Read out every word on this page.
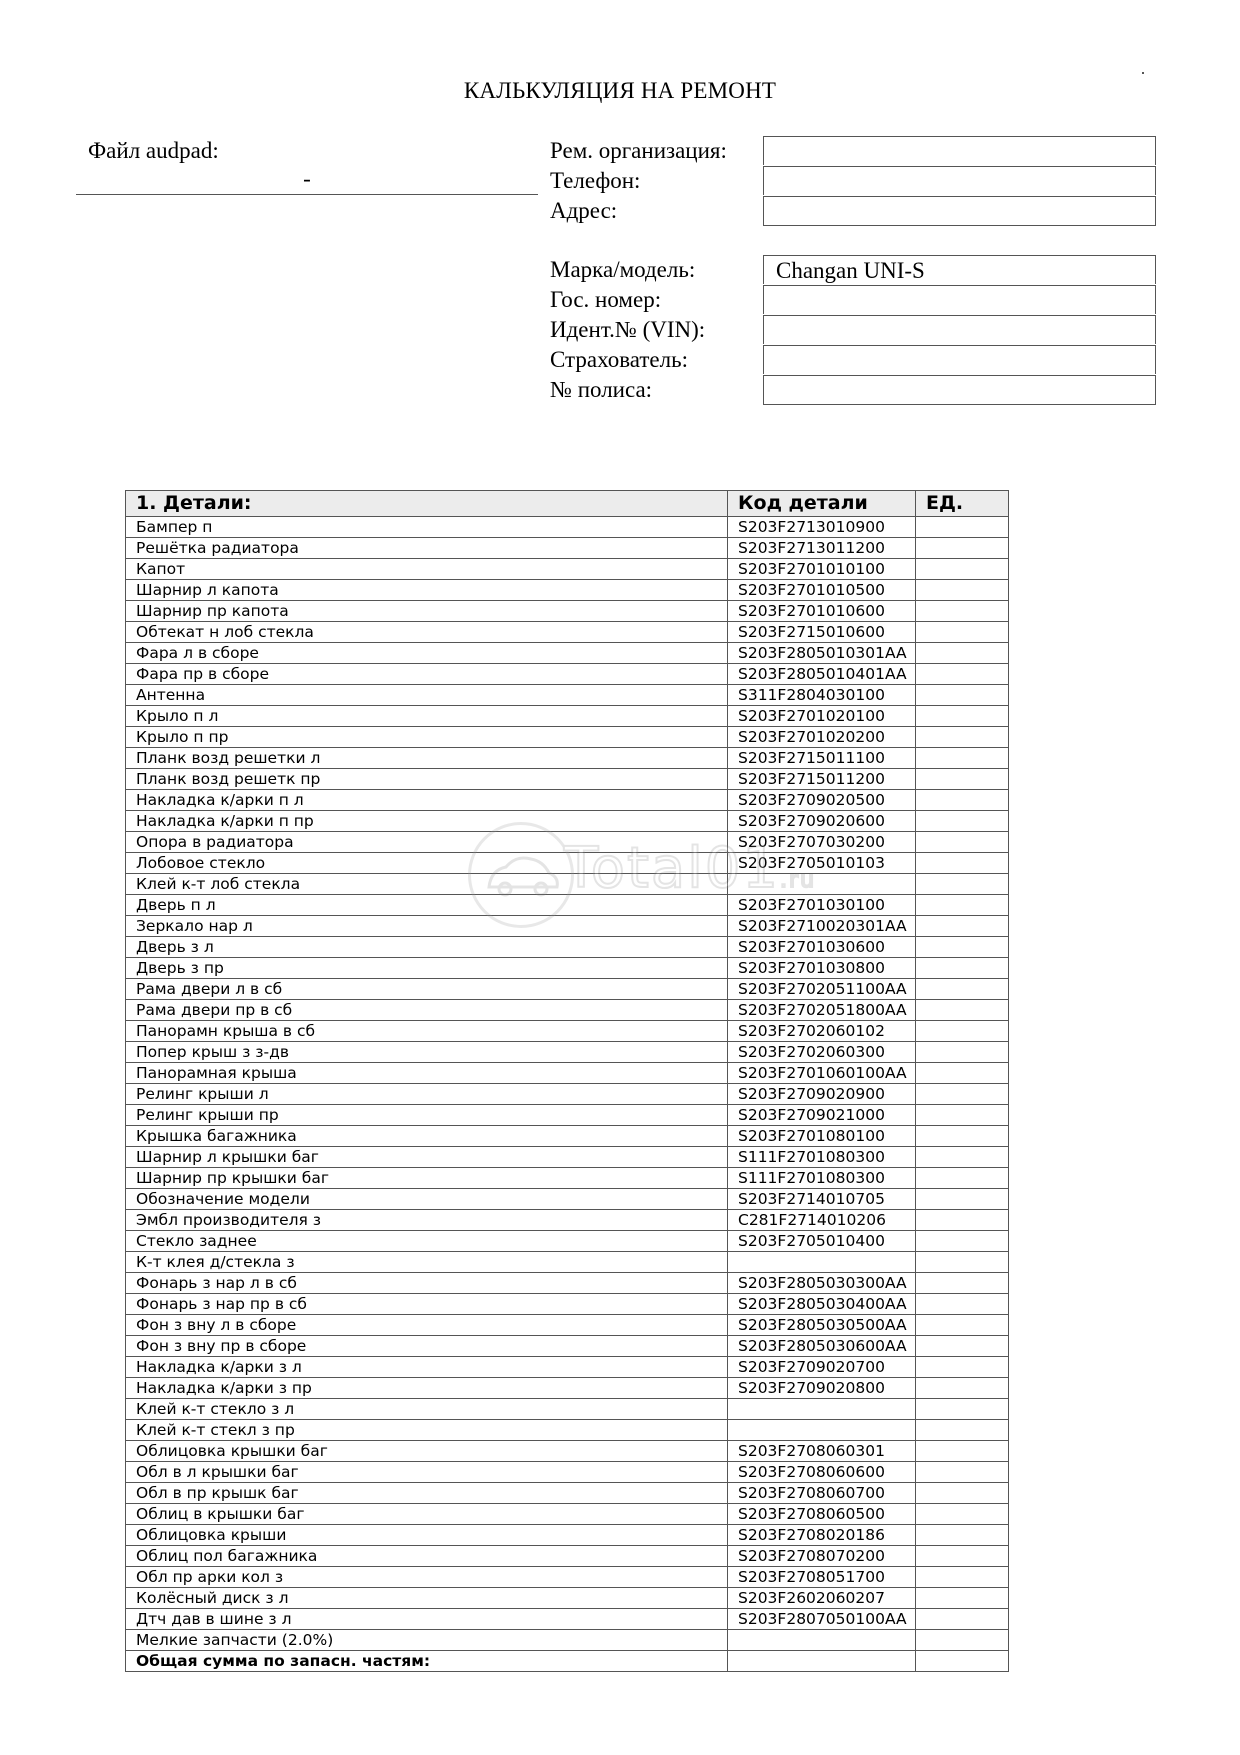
КАЛЬКУЛЯЦИЯ НА РЕМОНТ
Файл audpad:
-
Рем. организация:
Телефон:
Адрес:
Марка/модель:	Changan UNI-S
Гос. номер:
Идент.№ (VIN):
Страхователь:
№ полиса:
1. Детали:	Код детали	ЕД.
Бампер п	S203F2713010900	
Решётка радиатора	S203F2713011200	
Капот	S203F2701010100	
Шарнир л капота	S203F2701010500	
Шарнир пр капота	S203F2701010600	
Обтекат н лоб стекла	S203F2715010600	
Фара л в сборе	S203F2805010301AA	
Фара пр в сборе	S203F2805010401AA	
Антенна	S311F2804030100	
Крыло п л	S203F2701020100	
Крыло п пр	S203F2701020200	
Планк возд решетки л	S203F2715011100	
Планк возд решетк пр	S203F2715011200	
Накладка к/арки п л	S203F2709020500	
Накладка к/арки п пр	S203F2709020600	
Опора в радиатора	S203F2707030200	
Лобовое стекло	S203F2705010103	
Клей к-т лоб стекла		
Дверь п л	S203F2701030100	
Зеркало нар л	S203F2710020301AA	
Дверь з л	S203F2701030600	
Дверь з пр	S203F2701030800	
Рама двери л в сб	S203F2702051100AA	
Рама двери пр в сб	S203F2702051800AA	
Панорамн крыша в сб	S203F2702060102	
Попер крыш з з-дв	S203F2702060300	
Панорамная крыша	S203F2701060100AA	
Релинг крыши л	S203F2709020900	
Релинг крыши пр	S203F2709021000	
Крышка багажника	S203F2701080100	
Шарнир л крышки баг	S111F2701080300	
Шарнир пр крышки баг	S111F2701080300	
Обозначение модели	S203F2714010705	
Эмбл производителя з	C281F2714010206	
Стекло заднее	S203F2705010400	
К-т клея д/стекла з		
Фонарь з нар л в сб	S203F2805030300AA	
Фонарь з нар пр в сб	S203F2805030400AA	
Фон з вну л в сборе	S203F2805030500AA	
Фон з вну пр в сборе	S203F2805030600AA	
Накладка к/арки з л	S203F2709020700	
Накладка к/арки з пр	S203F2709020800	
Клей к-т стекло з л		
Клей к-т стекл з пр		
Облицовка крышки баг	S203F2708060301	
Обл в л крышки баг	S203F2708060600	
Обл в пр крышк баг	S203F2708060700	
Облиц в крышки баг	S203F2708060500	
Облицовка крыши	S203F2708020186	
Облиц пол багажника	S203F2708070200	
Обл пр арки кол з	S203F2708051700	
Колёсный диск з л	S203F2602060207	
Дтч дав в шине з л	S203F2807050100AA	
Мелкие запчасти (2.0%)		
Общая сумма по запасн. частям:		
Total01.ru
